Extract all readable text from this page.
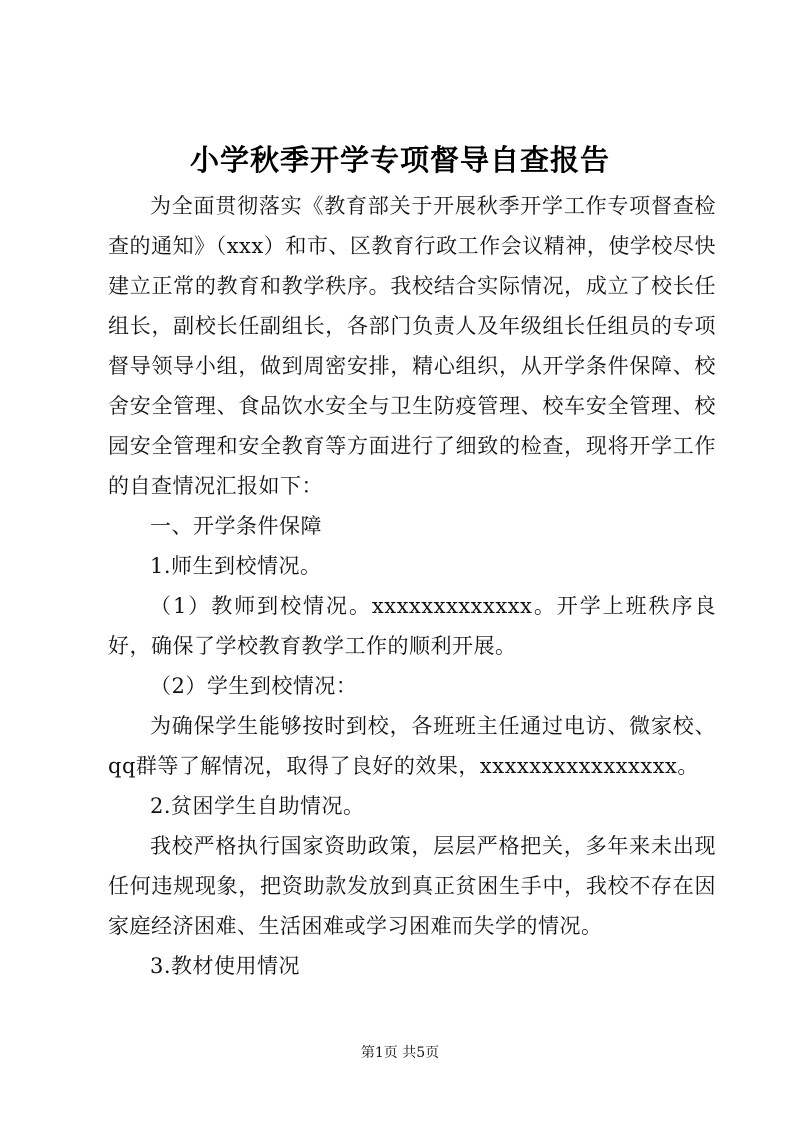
小学秋季开学专项督导自查报告

为全面贯彻落实《教育部关于开展秋季开学工作专项督查检查的通知》（xxx）和市、区教育行政工作会议精神，使学校尽快建立正常的教育和教学秩序。我校结合实际情况，成立了校长任组长，副校长任副组长，各部门负责人及年级组长任组员的专项督导领导小组，做到周密安排，精心组织，从开学条件保障、校舍安全管理、食品饮水安全与卫生防疫管理、校车安全管理、校园安全管理和安全教育等方面进行了细致的检查，现将开学工作的自查情况汇报如下：

一、开学条件保障

1.师生到校情况。

（1）教师到校情况。xxxxxxxxxxxxx。开学上班秩序良好，确保了学校教育教学工作的顺利开展。

（2）学生到校情况：

为确保学生能够按时到校，各班班主任通过电访、微家校、qq群等了解情况，取得了良好的效果，xxxxxxxxxxxxxxxx。

2.贫困学生自助情况。

我校严格执行国家资助政策，层层严格把关，多年来未出现任何违规现象，把资助款发放到真正贫困生手中，我校不存在因家庭经济困难、生活困难或学习困难而失学的情况。

3.教材使用情况

第1页 共5页
